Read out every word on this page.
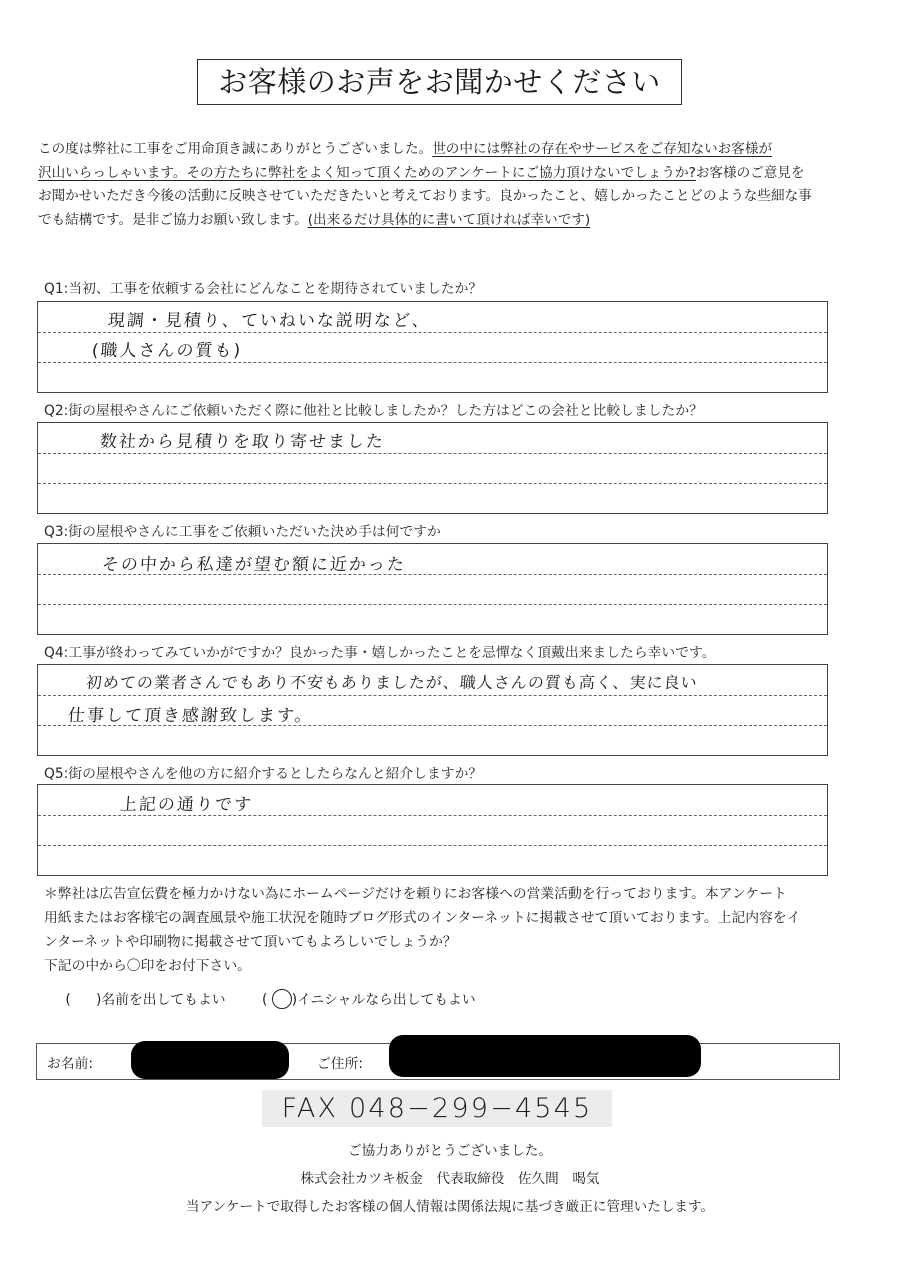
お客様のお声をお聞かせください

この度は弊社に工事をご用命頂き誠にありがとうございました。世の中には弊社の存在やサービスをご存知ないお客様が

沢山いらっしゃいます。その方たちに弊社をよく知って頂くためのアンケートにご協力頂けないでしょうか?お客様のご意見を

お聞かせいただき今後の活動に反映させていただきたいと考えております。良かったこと、嬉しかったことどのような些細な事

でも結構です。是非ご協力お願い致します。(出来るだけ具体的に書いて頂ければ幸いです)

Q1:当初、工事を依頼する会社にどんなことを期待されていましたか？
現調・見積り、ていねいな説明など、
(職人さんの質も)
Q2:街の屋根やさんにご依頼いただく際に他社と比較しましたか？した方はどこの会社と比較しましたか？
数社から見積りを取り寄せました
Q3:街の屋根やさんに工事をご依頼いただいた決め手は何ですか
その中から私達が望む額に近かった
Q4:工事が終わってみていかがですか？良かった事・嬉しかったことを忌憚なく頂戴出来ましたら幸いです。
初めての業者さんでもあり不安もありましたが、職人さんの質も高く、実に良い
仕事して頂き感謝致します。
Q5:街の屋根やさんを他の方に紹介するとしたらなんと紹介しますか？
上記の通りです

＊弊社は広告宣伝費を極力かけない為にホームページだけを頼りにお客様への営業活動を行っております。本アンケート

用紙またはお客様宅の調査風景や施工状況を随時ブログ形式のインターネットに掲載させて頂いております。上記内容をイ

ンターネットや印刷物に掲載させて頂いてもよろしいでしょうか？

下記の中から〇印をお付下さい。

(     )名前を出してもよい	( )イニシャルなら出してもよい
お名前:	ご住所:
FAX 048−299−4545
ご協力ありがとうございました。
株式会社カツキ板金　代表取締役　佐久間　喝気
当アンケートで取得したお客様の個人情報は関係法規に基づき厳正に管理いたします。
